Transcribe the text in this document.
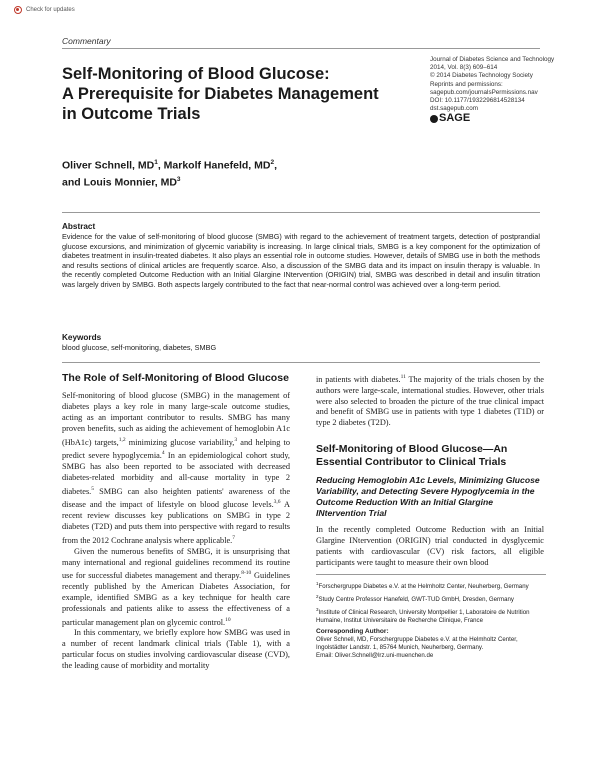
Check for updates
Commentary
Self-Monitoring of Blood Glucose:
A Prerequisite for Diabetes Management
in Outcome Trials
Journal of Diabetes Science and Technology
2014, Vol. 8(3) 609–614
© 2014 Diabetes Technology Society
Reprints and permissions:
sagepub.com/journalsPermissions.nav
DOI: 10.1177/1932296814528134
dst.sagepub.com
SAGE
Oliver Schnell, $MD^1$, Markolf Hanefeld, $MD^2$,
and Louis Monnier, $MD^3$
Abstract

Evidence for the value of self-monitoring of blood glucose (SMBG) with regard to the achievement of treatment targets, detection of postprandial glucose excursions, and minimization of glycemic variability is increasing. In large clinical trials, SMBG is a key component for the optimization of diabetes treatment in insulin-treated diabetes. It also plays an essential role in outcome studies. However, details of SMBG use in both the methods and results sections of clinical articles are frequently scarce. Also, a discussion of the SMBG data and its impact on insulin therapy is valuable. In the recently completed Outcome Reduction with an Initial Glargine INtervention (ORIGIN) trial, SMBG was described in detail and insulin titration was largely driven by SMBG. Both aspects largely contributed to the fact that near-normal control was achieved over a long-term period.

Keywords

blood glucose, self-monitoring, diabetes, SMBG

The Role of Self-Monitoring of Blood Glucose

Self-monitoring of blood glucose (SMBG) in the management of diabetes plays a key role in many large-scale outcome studies, acting as an important contributor to results. SMBG has many proven benefits, such as aiding the achievement of hemoglobin A1c (HbA1c) targets,$^{1,2}$ minimizing glucose variability,$^3$ and helping to predict severe hypoglycemia.$^4$ In an epidemiological cohort study, SMBG has also been reported to be associated with decreased diabetes-related morbidity and all-cause mortality in type 2 diabetes.$^5$ SMBG can also heighten patients' awareness of the disease and the impact of lifestyle on blood glucose levels.$^{3,6}$ A recent review discusses key publications on SMBG in type 2 diabetes (T2D) and puts them into perspective with regard to results from the 2012 Cochrane analysis where applicable.$^7$

Given the numerous benefits of SMBG, it is unsurprising that many international and regional guidelines recommend its routine use for successful diabetes management and therapy.$^{8-10}$ Guidelines recently published by the American Diabetes Association, for example, identified SMBG as a key technique for health care professionals and patients alike to assess the effectiveness of a particular management plan on glycemic control.$^{10}$

In this commentary, we briefly explore how SMBG was used in a number of recent landmark clinical trials (Table 1), with a particular focus on studies involving cardiovascular disease (CVD), the leading cause of morbidity and mortality

in patients with diabetes.$^{11}$ The majority of the trials chosen by the authors were large-scale, international studies. However, other trials were also selected to broaden the picture of the true clinical impact and benefit of SMBG use in patients with type 1 diabetes (T1D) or type 2 diabetes (T2D).

Self-Monitoring of Blood Glucose—An Essential Contributor to Clinical Trials
Reducing Hemoglobin A1c Levels, Minimizing Glucose Variability, and Detecting Severe Hypoglycemia in the Outcome Reduction With an Initial Glargine INtervention Trial

In the recently completed Outcome Reduction with an Initial Glargine INtervention (ORIGIN) trial conducted in dysglycemic patients with cardiovascular (CV) risk factors, all eligible participants were taught to measure their own blood

$^1$Forschergruppe Diabetes e.V. at the Helmholtz Center, Neuherberg, Germany
$^2$Study Centre Professor Hanefeld, GWT-TUD GmbH, Dresden, Germany
$^3$Institute of Clinical Research, University Montpellier 1, Laboratoire de Nutrition Humaine, Institut Universitaire de Recherche Clinique, France
Corresponding Author:
Oliver Schnell, MD, Forschergruppe Diabetes e.V. at the Helmholtz Center, Ingolstädter Landstr. 1, 85764 Munich, Neuherberg, Germany.
Email: Oliver.Schnell@lrz.uni-muenchen.de
